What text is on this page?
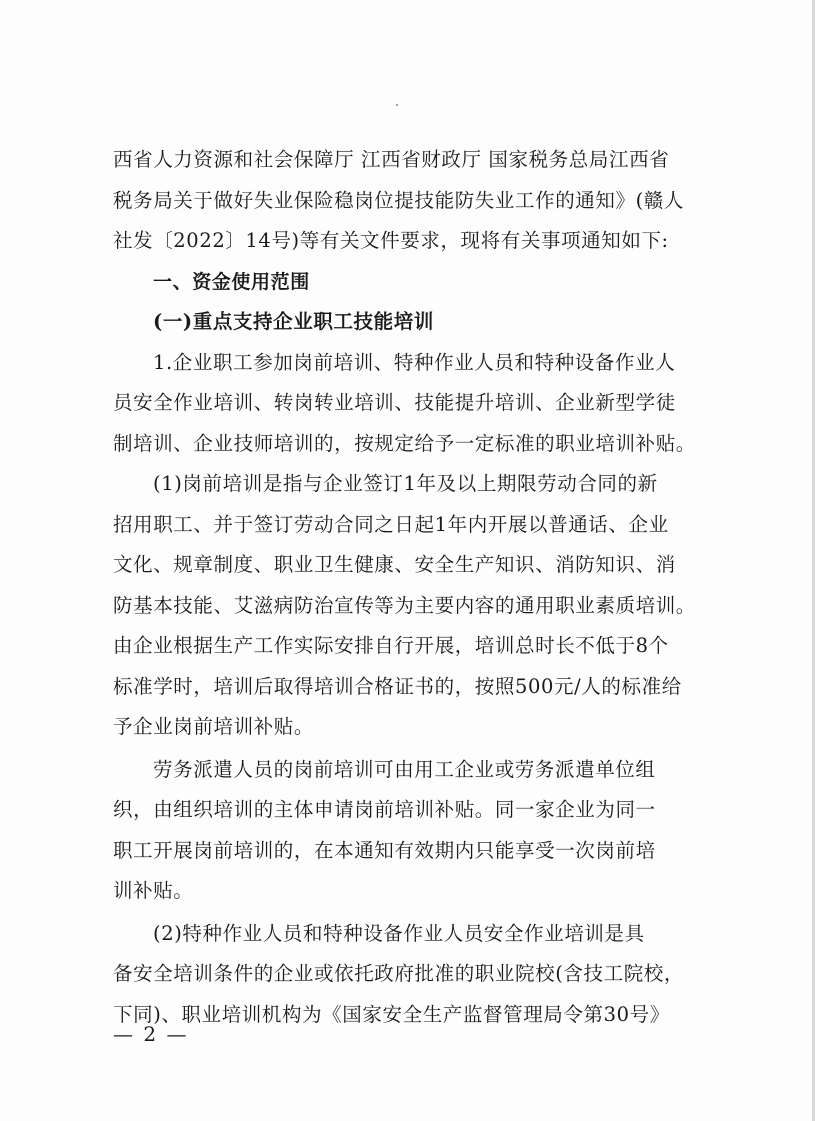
西省人力资源和社会保障厅 江西省财政厅 国家税务总局江西省
税务局关于做好失业保险稳岗位提技能防失业工作的通知》(赣人
社发〔2022〕14号)等有关文件要求，现将有关事项通知如下:
一、资金使用范围
(一)重点支持企业职工技能培训
1.企业职工参加岗前培训、特种作业人员和特种设备作业人
员安全作业培训、转岗转业培训、技能提升培训、企业新型学徒
制培训、企业技师培训的，按规定给予一定标准的职业培训补贴。
(1)岗前培训是指与企业签订1年及以上期限劳动合同的新
招用职工、并于签订劳动合同之日起1年内开展以普通话、企业
文化、规章制度、职业卫生健康、安全生产知识、消防知识、消
防基本技能、艾滋病防治宣传等为主要内容的通用职业素质培训。
由企业根据生产工作实际安排自行开展，培训总时长不低于8个
标准学时，培训后取得培训合格证书的，按照500元/人的标准给
予企业岗前培训补贴。
劳务派遣人员的岗前培训可由用工企业或劳务派遣单位组
织，由组织培训的主体申请岗前培训补贴。同一家企业为同一
职工开展岗前培训的，在本通知有效期内只能享受一次岗前培
训补贴。
(2)特种作业人员和特种设备作业人员安全作业培训是具
备安全培训条件的企业或依托政府批准的职业院校(含技工院校，
下同)、职业培训机构为《国家安全生产监督管理局令第30号》
— 2 —
